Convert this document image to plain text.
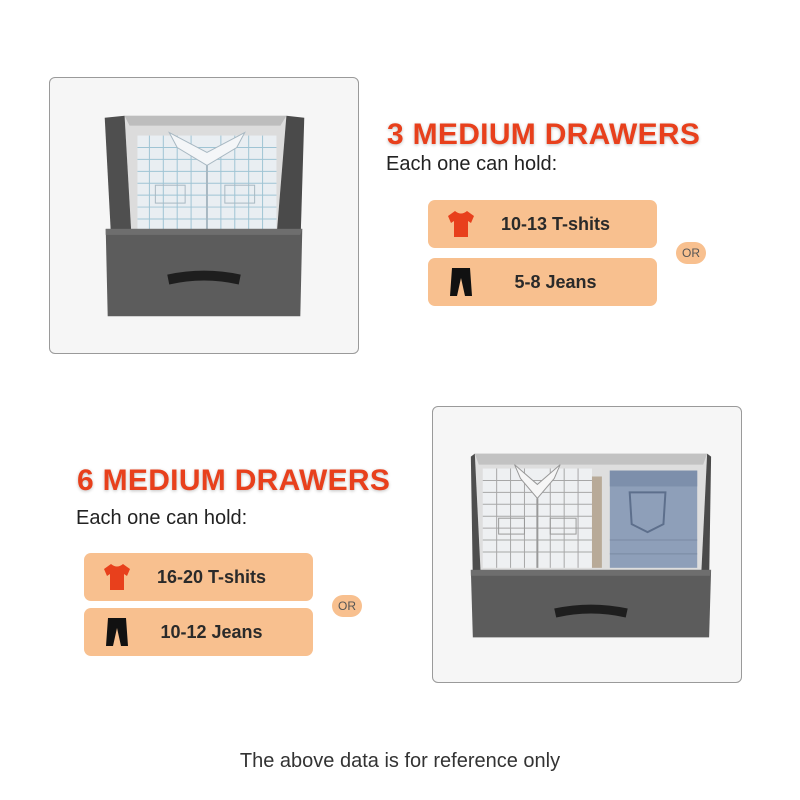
3 MEDIUM DRAWERS
Each one can hold:
10-13 T-shits
5-8 Jeans
OR
6 MEDIUM DRAWERS
Each one can hold:
16-20 T-shits
10-12 Jeans
OR
The above data is for reference only
